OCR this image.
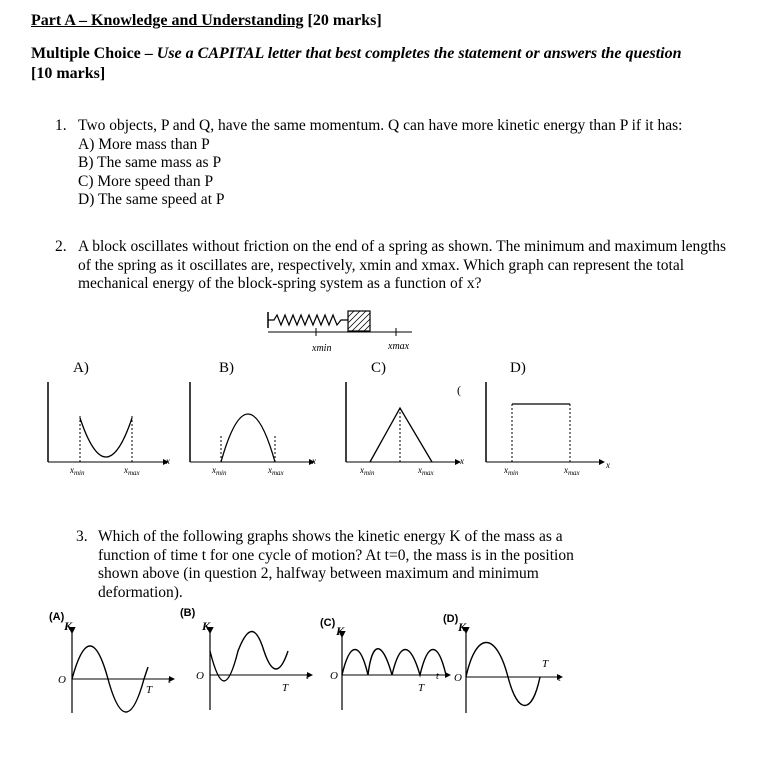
Part A – Knowledge and Understanding [20 marks]
Multiple Choice – Use a CAPITAL letter that best completes the statement or answers the question
[10 marks]
1. Two objects, P and Q, have the same momentum. Q can have more kinetic energy than P if it has:
A) More mass than P
B) The same mass as P
C) More speed than P
D) The same speed at P
2. A block oscillates without friction on the end of a spring as shown. The minimum and maximum lengths
of the spring as it oscillates are, respectively, xmin and xmax. Which graph can represent the total
mechanical energy of the block-spring system as a function of x?
xmin	xmax
A)	B)	C)	D)
(
$x_{min}$	$x_{max}$
x
$x_{min}$	$x_{max}$
x
$x_{min}$	$x_{max}$
x
$x_{min}$	$x_{max}$
x
3. Which of the following graphs shows the kinetic energy K of the mass as a
function of time t for one cycle of motion? At t=0, the mass is in the position
shown above (in question 2, halfway between maximum and minimum
deformation).
(A)	(B)
(C)	(D)
K
O
T
t
K
O
T
t
K
O
T
t
K
O
T
t
